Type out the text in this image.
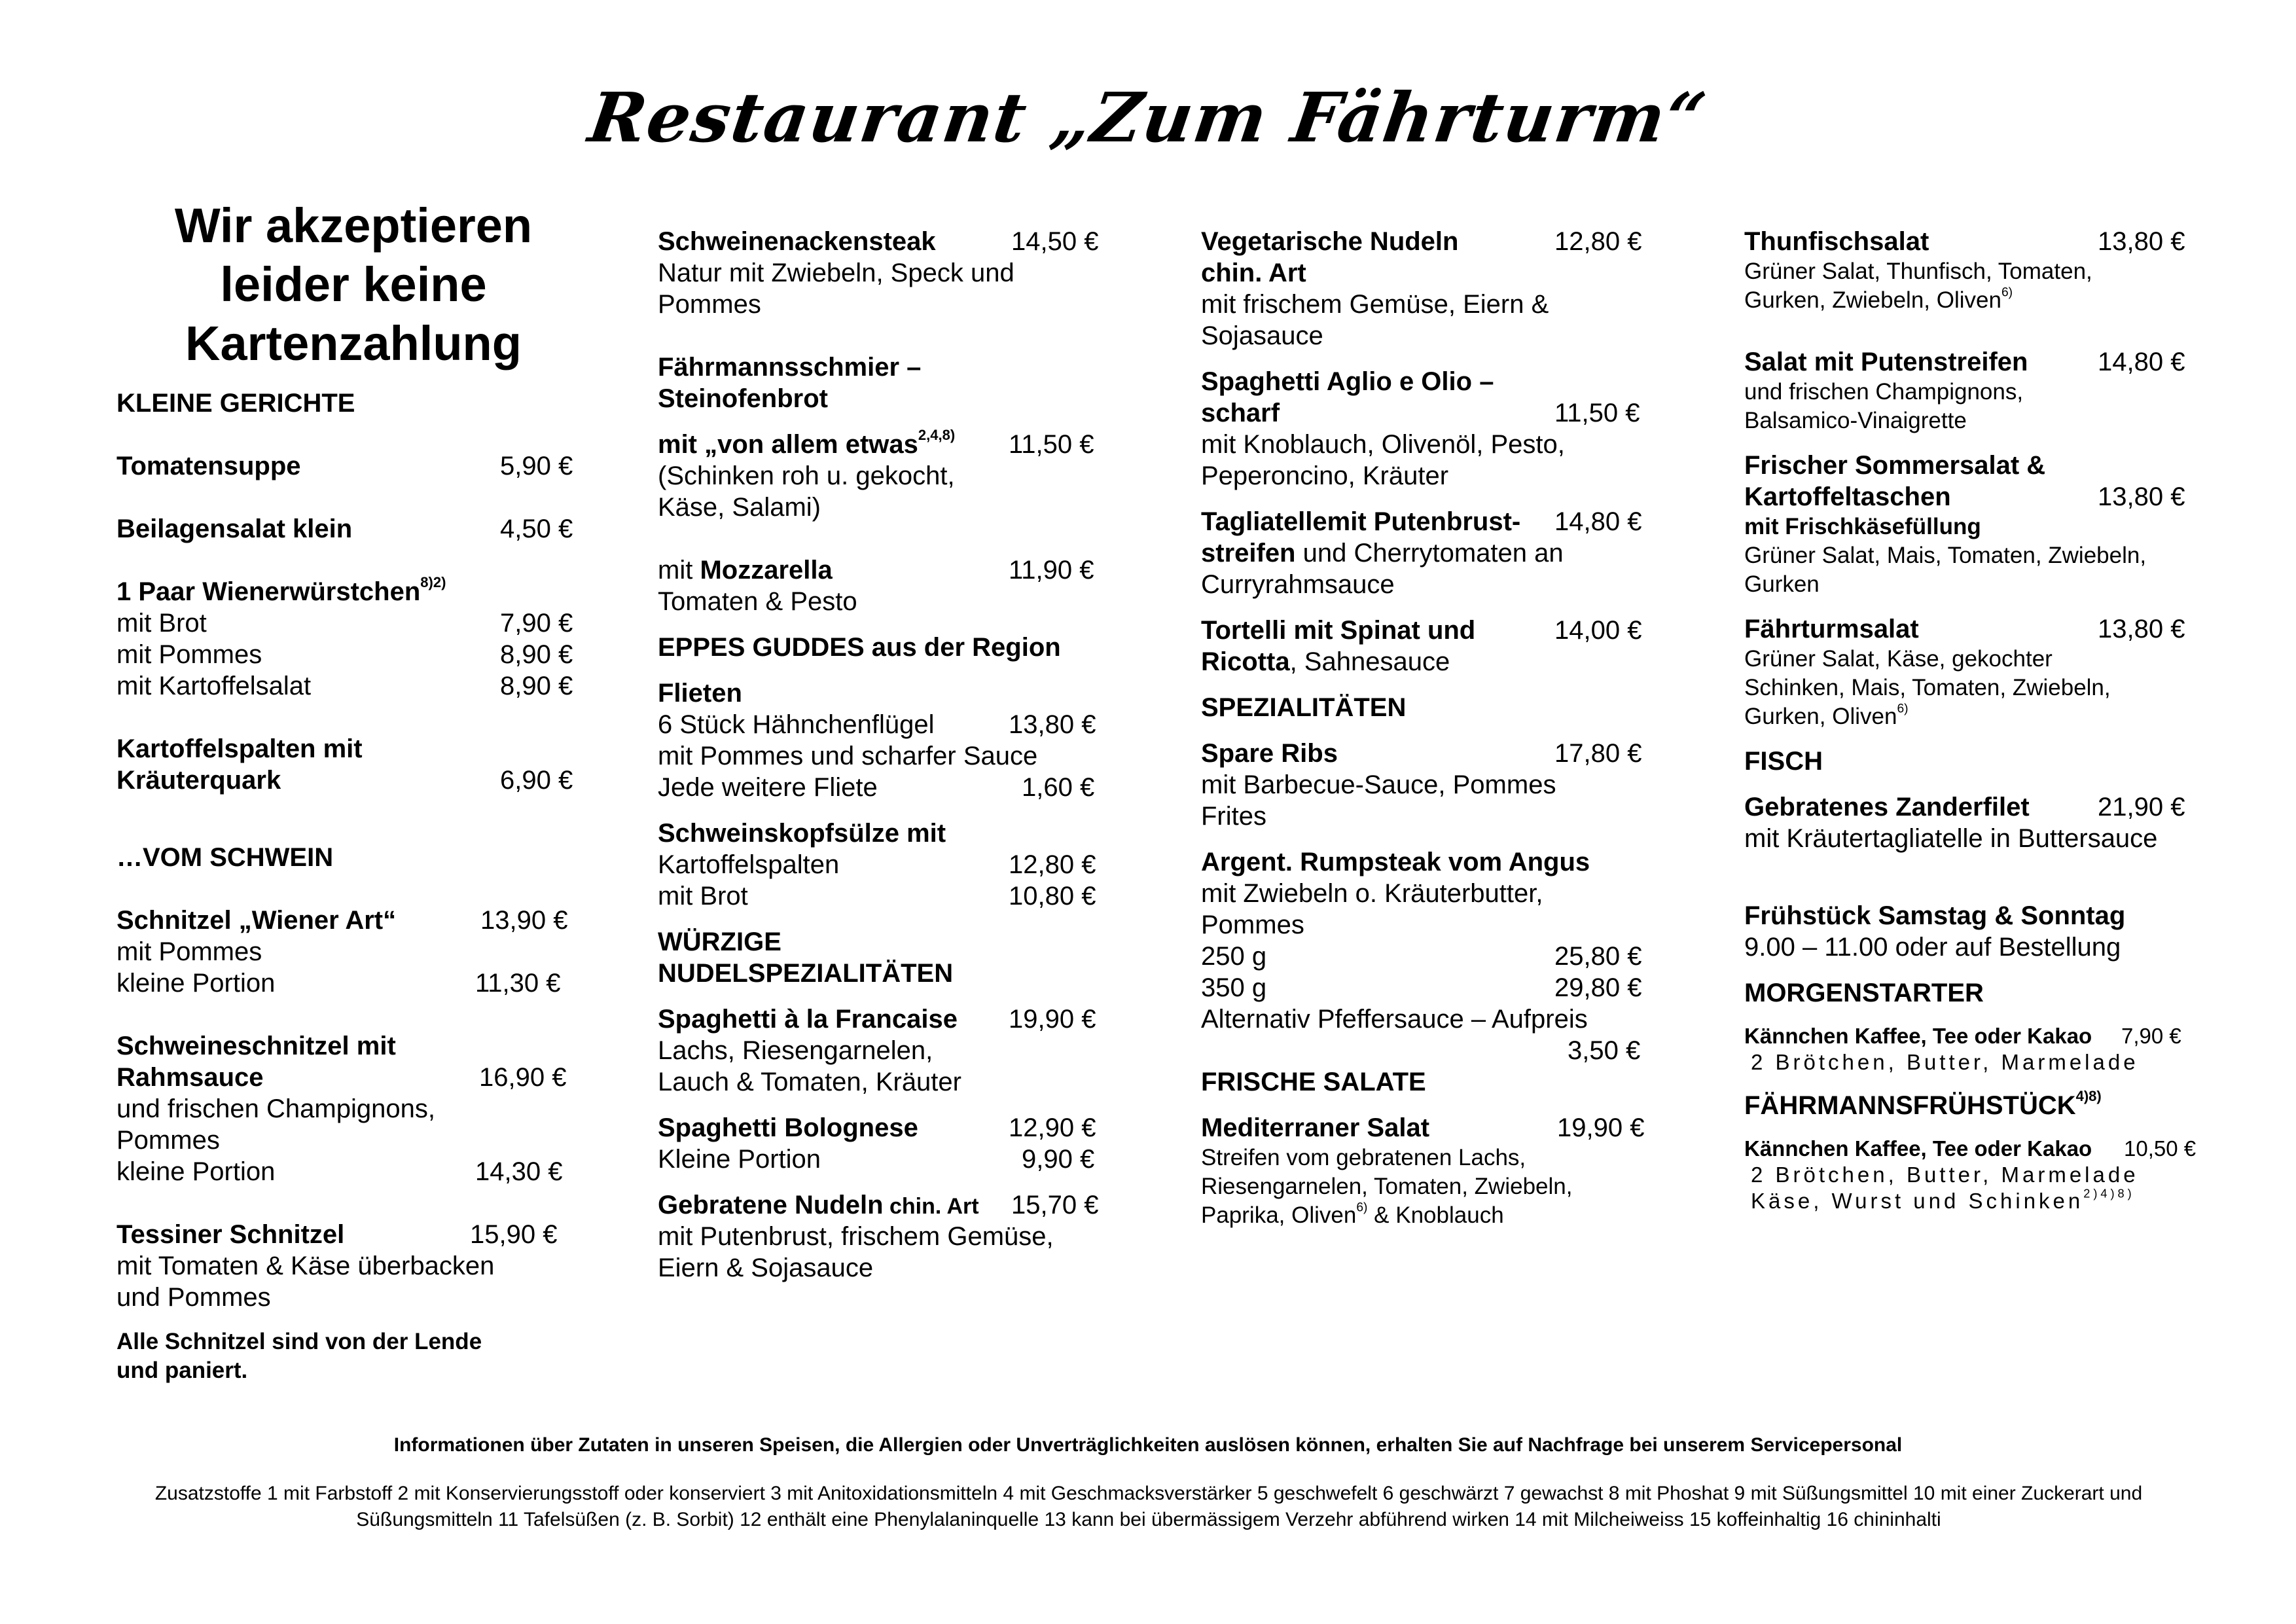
Restaurant „Zum Fährturm“
Wir akzeptieren
leider keine
Kartenzahlung
KLEINE GERICHTE
Tomatensuppe	5,90 €
Beilagensalat klein	4,50 €
1 Paar Wienerwürstchen$^{8)2)}$
mit Brot	7,90 €
mit Pommes	8,90 €
mit Kartoffelsalat	8,90 €
Kartoffelspalten mit
Kräuterquark	6,90 €
…VOM SCHWEIN
Schnitzel „Wiener Art“	13,90 €
mit Pommes
kleine Portion	11,30 €
Schweineschnitzel mit
Rahmsauce	16,90 €
und frischen Champignons,
Pommes
kleine Portion	14,30 €
Tessiner Schnitzel	15,90 €
mit Tomaten & Käse überbacken
und Pommes
Alle Schnitzel sind von der Lende
und paniert.
Schweinenackensteak	14,50 €
Natur mit Zwiebeln, Speck und
Pommes
Fährmannsschmier –
Steinofenbrot
mit „von allem etwas$^{2,4,8)}$ 11,50 €
(Schinken roh u. gekocht,
Käse, Salami)
mit Mozzarella	11,90 €
Tomaten & Pesto
EPPES GUDDES aus der Region
Flieten
6 Stück Hähnchenflügel	13,80 €
mit Pommes und scharfer Sauce
Jede weitere Fliete	1,60 €
Schweinskopfsülze mit
Kartoffelspalten	12,80 €
mit Brot	10,80 €
WÜRZIGE
NUDELSPEZIALITÄTEN
Spaghetti à la Francaise 19,90 €
Lachs, Riesengarnelen,
Lauch & Tomaten, Kräuter
Spaghetti Bolognese	12,90 €
Kleine Portion	9,90 €
Gebratene Nudeln chin. Art 15,70 €
mit Putenbrust, frischem Gemüse,
Eiern & Sojasauce
Vegetarische Nudeln	12,80 €
chin. Art
mit frischem Gemüse, Eiern &
Sojasauce
Spaghetti Aglio e Olio –
scharf	11,50 €
mit Knoblauch, Olivenöl, Pesto,
Peperoncino, Kräuter
Tagliatellemit Putenbrust- 14,80 €
streifen und Cherrytomaten an
Curryrahmsauce
Tortelli mit Spinat und	14,00 €
Ricotta, Sahnesauce
SPEZIALITÄTEN
Spare Ribs	17,80 €
mit Barbecue-Sauce, Pommes
Frites
Argent. Rumpsteak vom Angus
mit Zwiebeln o. Kräuterbutter,
Pommes
250 g	25,80 €
350 g	29,80 €
Alternativ Pfeffersauce – Aufpreis
3,50 €
FRISCHE SALATE
Mediterraner Salat	19,90 €
Streifen vom gebratenen Lachs,
Riesengarnelen, Tomaten, Zwiebeln,
Paprika, Oliven$^{6)}$ & Knoblauch
Thunfischsalat	13,80 €
Grüner Salat, Thunfisch, Tomaten,
Gurken, Zwiebeln, Oliven$^{6)}$
Salat mit Putenstreifen	14,80 €
und frischen Champignons,
Balsamico-Vinaigrette
Frischer Sommersalat &
Kartoffeltaschen	13,80 €
mit Frischkäsefüllung
Grüner Salat, Mais, Tomaten, Zwiebeln,
Gurken
Fährturmsalat	13,80 €
Grüner Salat, Käse, gekochter
Schinken, Mais, Tomaten, Zwiebeln,
Gurken, Oliven$^{6)}$
FISCH
Gebratenes Zanderfilet	21,90 €
mit Kräutertagliatelle in Buttersauce
Frühstück Samstag & Sonntag
9.00 – 11.00 oder auf Bestellung
MORGENSTARTER
Kännchen Kaffee, Tee oder Kakao 7,90 €
2 Brötchen, Butter, Marmelade
$FÄHRMANNSFRÜHSTÜCK^{4)8)}$
Kännchen Kaffee, Tee oder Kakao 10,50 €
2 Brötchen, Butter, Marmelade
Käse, Wurst und Schinken$^{2)4)8)}$
Informationen über Zutaten in unseren Speisen, die Allergien oder Unverträglichkeiten auslösen können, erhalten Sie auf Nachfrage bei unserem Servicepersonal
Zusatzstoffe 1 mit Farbstoff 2 mit Konservierungsstoff oder konserviert 3 mit Anitoxidationsmitteln 4 mit Geschmacksverstärker 5 geschwefelt 6 geschwärzt 7 gewachst 8 mit Phoshat 9 mit Süßungsmittel 10 mit einer Zuckerart und Süßungsmitteln 11 Tafelsüßen (z. B. Sorbit) 12 enthält eine Phenylalaninquelle 13 kann bei übermässigem Verzehr abführend wirken 14 mit Milcheiweiss 15 koffeinhaltig 16 chininhalti
